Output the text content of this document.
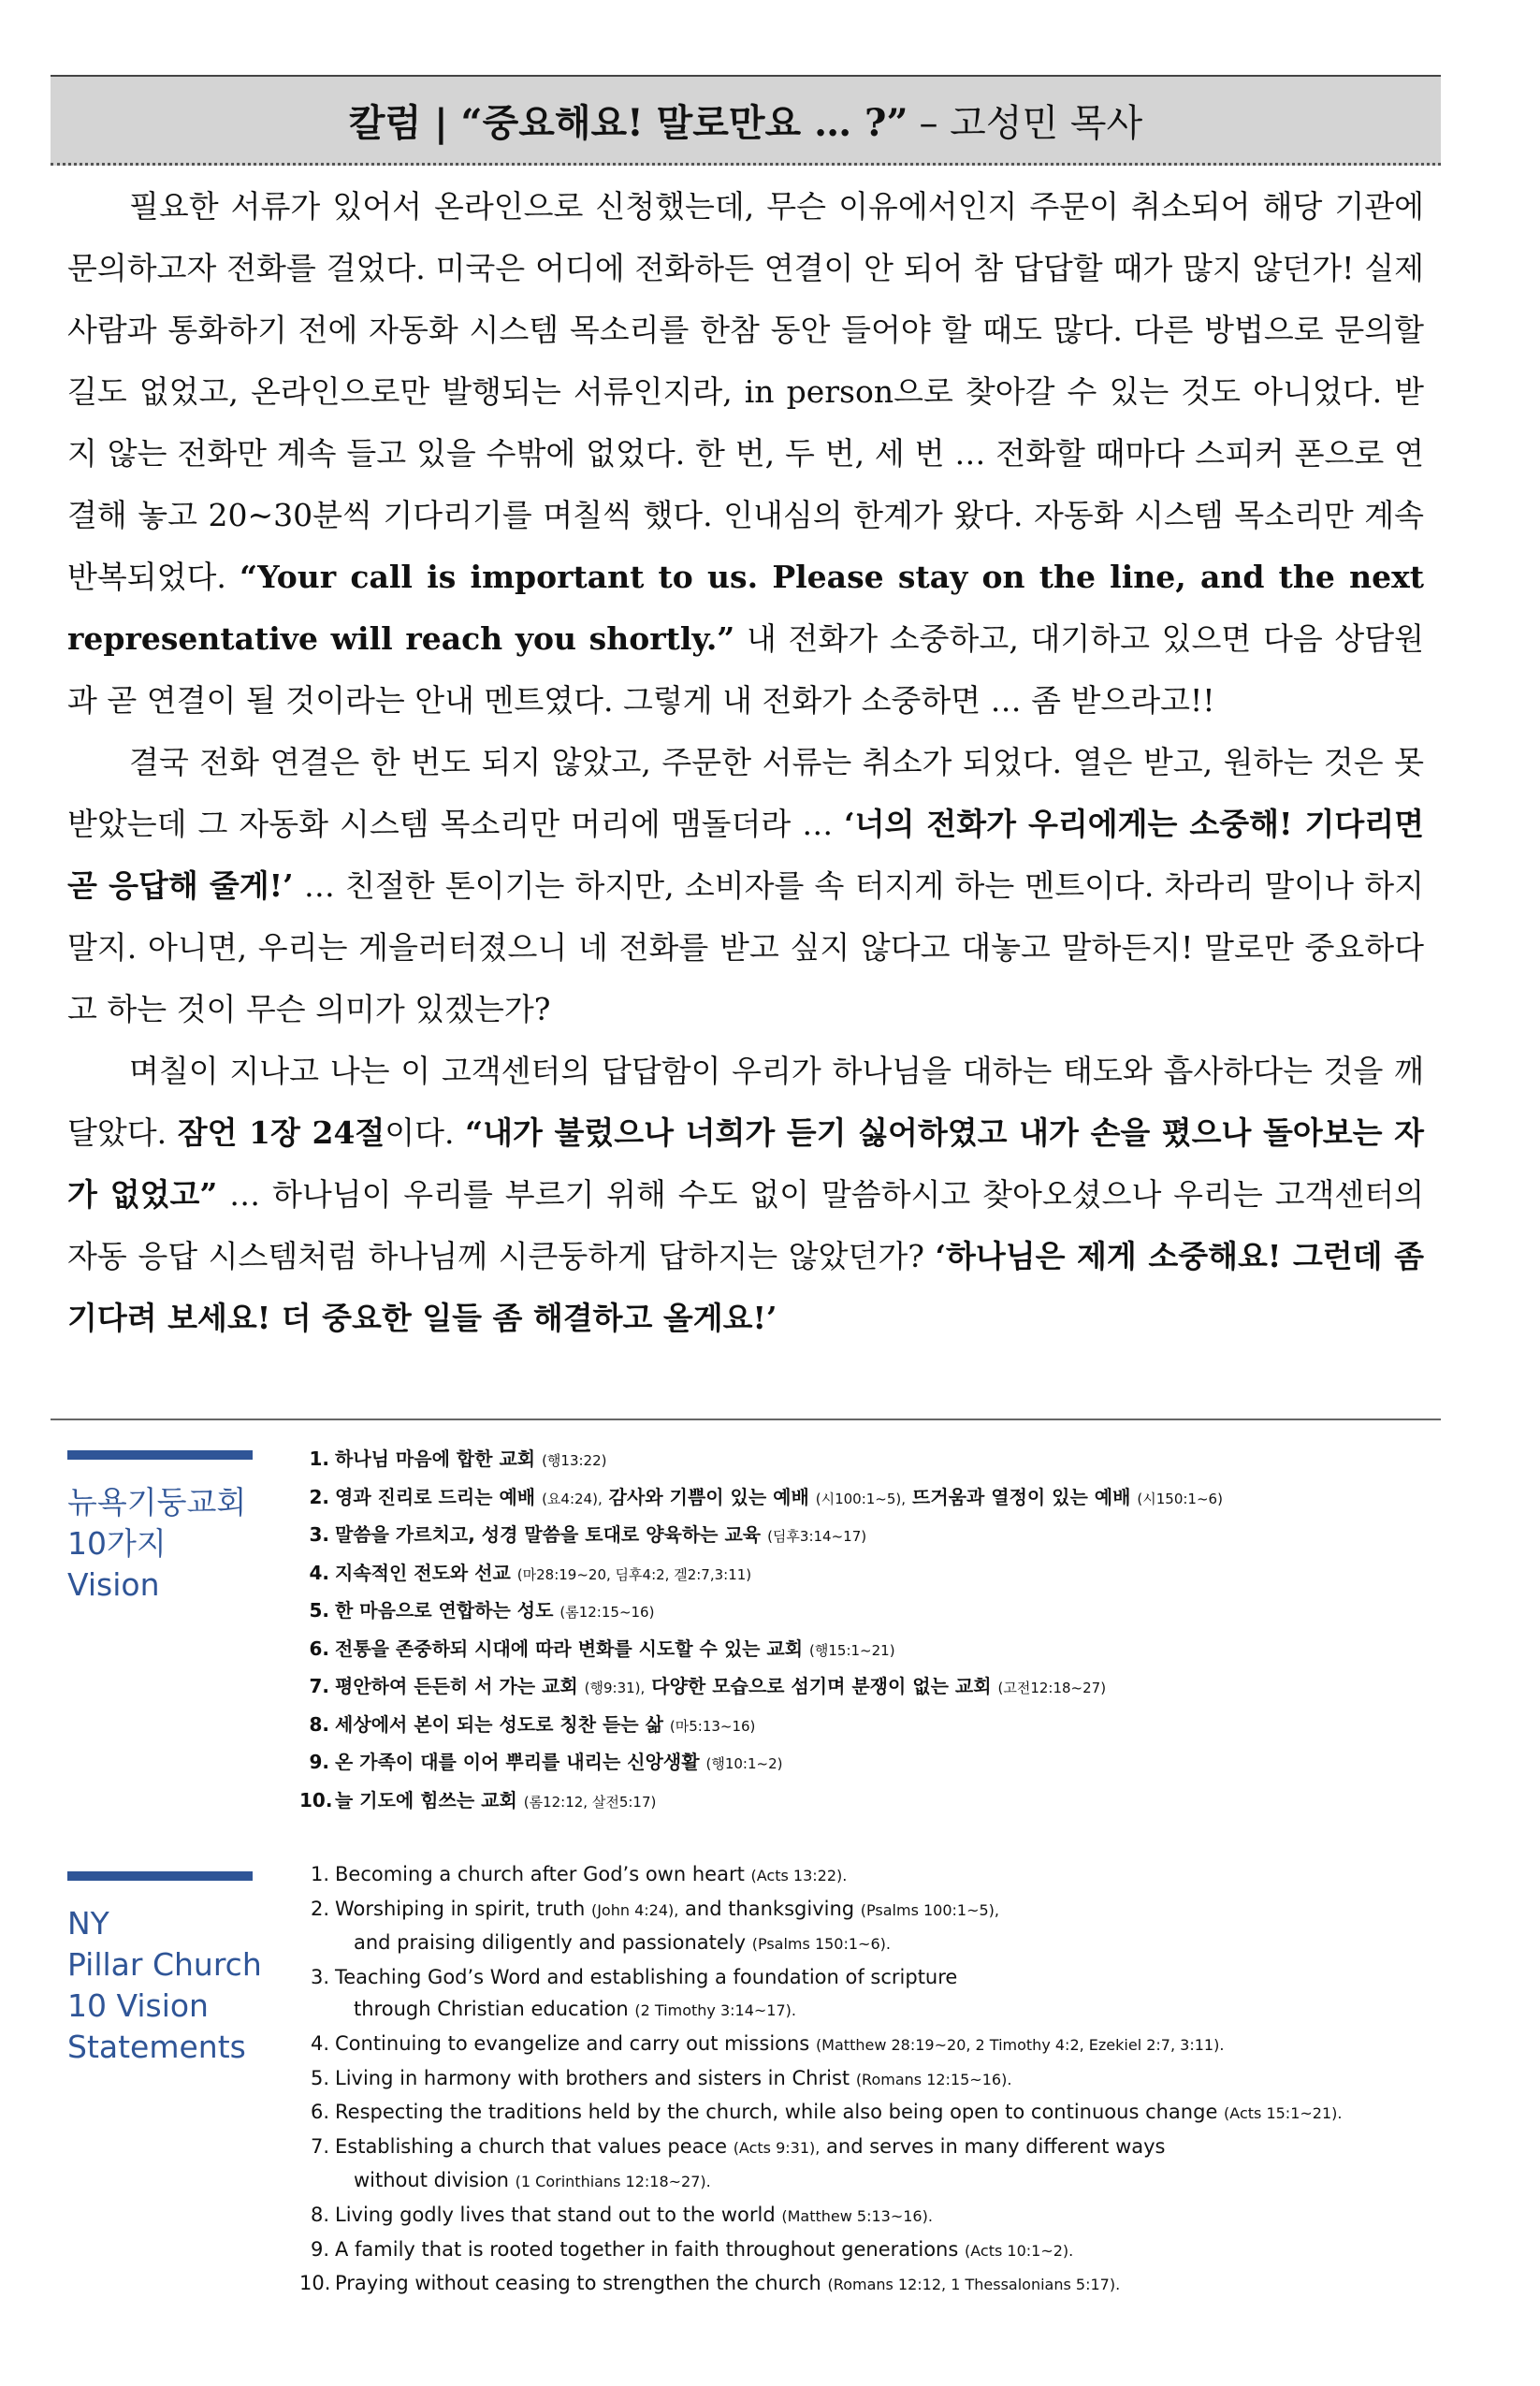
칼럼 | “중요해요! 말로만요 … ?” – 고성민 목사

필요한 서류가 있어서 온라인으로 신청했는데, 무슨 이유에서인지 주문이 취소되어 해당 기관에 문의하고자 전화를 걸었다. 미국은 어디에 전화하든 연결이 안 되어 참 답답할 때가 많지 않던가! 실제 사람과 통화하기 전에 자동화 시스템 목소리를 한참 동안 들어야 할 때도 많다. 다른 방법으로 문의할 길도 없었고, 온라인으로만 발행되는 서류인지라, in person으로 찾아갈 수 있는 것도 아니었다. 받지 않는 전화만 계속 들고 있을 수밖에 없었다. 한 번, 두 번, 세 번 … 전화할 때마다 스피커 폰으로 연결해 놓고 20~30분씩 기다리기를 며칠씩 했다. 인내심의 한계가 왔다. 자동화 시스템 목소리만 계속 반복되었다. “Your call is important to us. Please stay on the line, and the next representative will reach you shortly.” 내 전화가 소중하고, 대기하고 있으면 다음 상담원과 곧 연결이 될 것이라는 안내 멘트였다. 그렇게 내 전화가 소중하면 … 좀 받으라고!!

결국 전화 연결은 한 번도 되지 않았고, 주문한 서류는 취소가 되었다. 열은 받고, 원하는 것은 못 받았는데 그 자동화 시스템 목소리만 머리에 맴돌더라 … ‘너의 전화가 우리에게는 소중해! 기다리면 곧 응답해 줄게!’ … 친절한 톤이기는 하지만, 소비자를 속 터지게 하는 멘트이다. 차라리 말이나 하지 말지. 아니면, 우리는 게을러터졌으니 네 전화를 받고 싶지 않다고 대놓고 말하든지! 말로만 중요하다고 하는 것이 무슨 의미가 있겠는가?

며칠이 지나고 나는 이 고객센터의 답답함이 우리가 하나님을 대하는 태도와 흡사하다는 것을 깨달았다. 잠언 1장 24절이다. “내가 불렀으나 너희가 듣기 싫어하였고 내가 손을 폈으나 돌아보는 자가 없었고” … 하나님이 우리를 부르기 위해 수도 없이 말씀하시고 찾아오셨으나 우리는 고객센터의 자동 응답 시스템처럼 하나님께 시큰둥하게 답하지는 않았던가? ‘하나님은 제게 소중해요! 그런데 좀 기다려 보세요! 더 중요한 일들 좀 해결하고 올게요!’

뉴욕기둥교회
10가지
Vision
1. 하나님 마음에 합한 교회 (행13:22)
2. 영과 진리로 드리는 예배 (요4:24), 감사와 기쁨이 있는 예배 (시100:1~5), 뜨거움과 열정이 있는 예배 (시150:1~6)
3. 말씀을 가르치고, 성경 말씀을 토대로 양육하는 교육 (딤후3:14~17)
4. 지속적인 전도와 선교 (마28:19~20, 딤후4:2, 겔2:7,3:11)
5. 한 마음으로 연합하는 성도 (롬12:15~16)
6. 전통을 존중하되 시대에 따라 변화를 시도할 수 있는 교회 (행15:1~21)
7. 평안하여 든든히 서 가는 교회 (행9:31), 다양한 모습으로 섬기며 분쟁이 없는 교회 (고전12:18~27)
8. 세상에서 본이 되는 성도로 칭찬 듣는 삶 (마5:13~16)
9. 온 가족이 대를 이어 뿌리를 내리는 신앙생활 (행10:1~2)
10. 늘 기도에 힘쓰는 교회 (롬12:12, 살전5:17)
NY
Pillar Church
10 Vision
Statements
1. Becoming a church after God’s own heart (Acts 13:22).
2. Worshiping in spirit, truth (John 4:24), and thanksgiving (Psalms 100:1~5),
and praising diligently and passionately (Psalms 150:1~6).
3. Teaching God’s Word and establishing a foundation of scripture
through Christian education (2 Timothy 3:14~17).
4. Continuing to evangelize and carry out missions (Matthew 28:19~20, 2 Timothy 4:2, Ezekiel 2:7, 3:11).
5. Living in harmony with brothers and sisters in Christ (Romans 12:15~16).
6. Respecting the traditions held by the church, while also being open to continuous change (Acts 15:1~21).
7. Establishing a church that values peace (Acts 9:31), and serves in many different ways
without division (1 Corinthians 12:18~27).
8. Living godly lives that stand out to the world (Matthew 5:13~16).
9. A family that is rooted together in faith throughout generations (Acts 10:1~2).
10. Praying without ceasing to strengthen the church (Romans 12:12, 1 Thessalonians 5:17).
